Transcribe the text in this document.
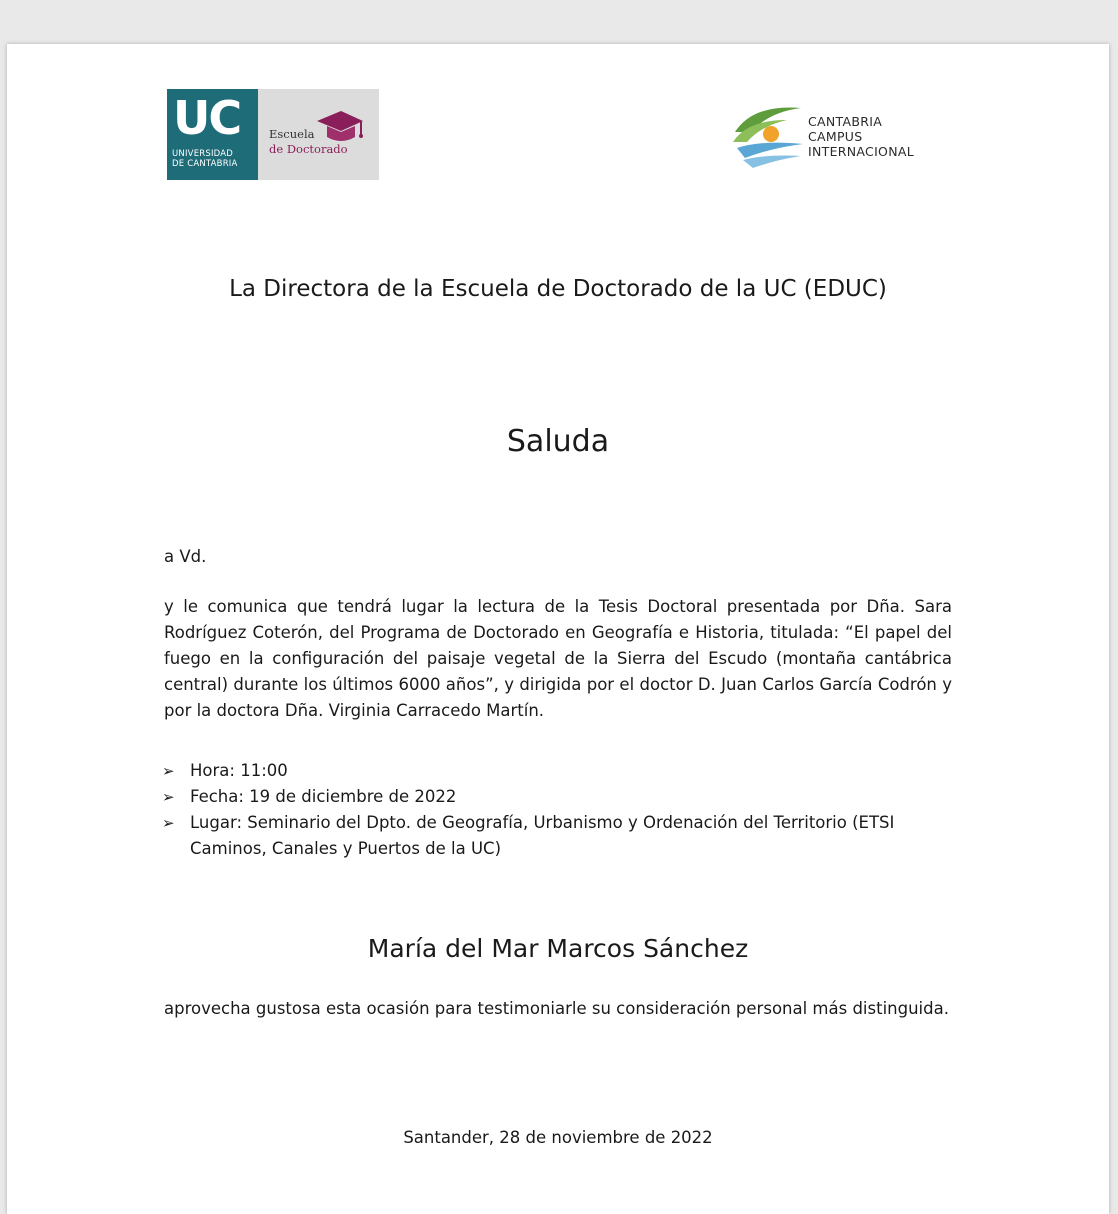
UC
UNIVERSIDAD
DE CANTABRIA
Escuela
de Doctorado
CANTABRIA
CAMPUS
INTERNACIONAL
La Directora de la Escuela de Doctorado de la UC (EDUC)
Saluda
a Vd.
y le comunica que tendrá lugar la lectura de la Tesis Doctoral presentada por Dña. Sara Rodríguez Coterón, del Programa de Doctorado en Geografía e Historia, titulada: “El papel del fuego en la configuración del paisaje vegetal de la Sierra del Escudo (montaña cantábrica central) durante los últimos 6000 años”, y dirigida por el doctor D. Juan Carlos García Codrón y por la doctora Dña. Virginia Carracedo Martín.
➢ Hora: 11:00
➢ Fecha: 19 de diciembre de 2022
➢ Lugar: Seminario del Dpto. de Geografía, Urbanismo y Ordenación del Territorio (ETSI Caminos, Canales y Puertos de la UC)
María del Mar Marcos Sánchez
aprovecha gustosa esta ocasión para testimoniarle su consideración personal más distinguida.
Santander, 28 de noviembre de 2022
